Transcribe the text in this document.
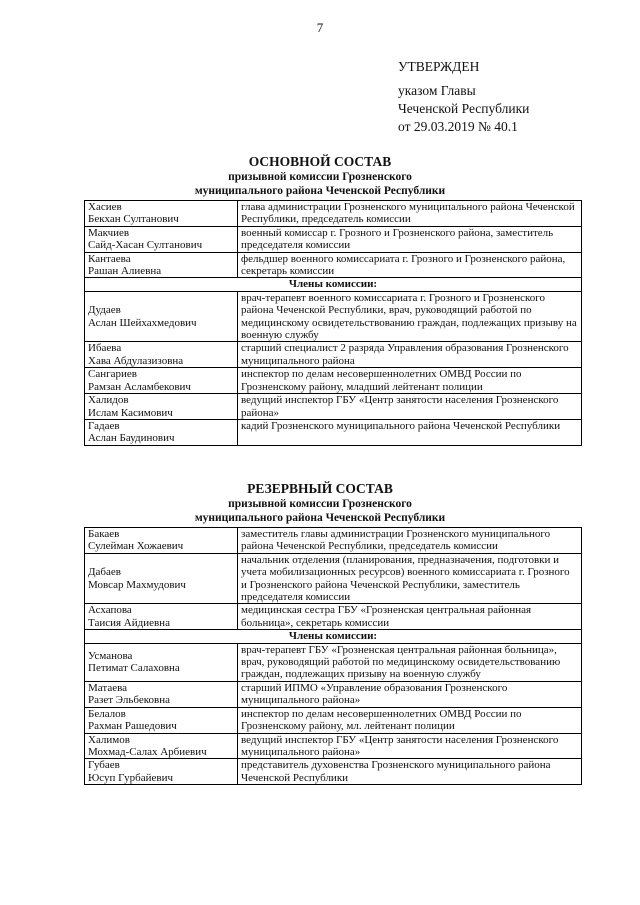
7
УТВЕРЖДЕН
указом Главы
Чеченской Республики
от 29.03.2019 № 40.1
ОСНОВНОЙ СОСТАВ
призывной комиссии Грозненского
муниципального района Чеченской Республики
Хасиев
Бекхан Султанович	глава администрации Грозненского муниципального района Чеченской Республики, председатель комиссии
Макчиев
Сайд-Хасан Султанович	военный комиссар г. Грозного и Грозненского района, заместитель председателя комиссии
Кантаева
Рашан Алиевна	фельдшер военного комиссариата г. Грозного и Грозненского района, секретарь комиссии
Члены комиссии:	
Дудаев
Аслан Шейхахмедович	врач-терапевт военного комиссариата г. Грозного и Грозненского района Чеченской Республики, врач, руководящий работой по медицинскому освидетельствованию граждан, подлежащих призыву на военную службу
Ибаева
Хава Абдулазизовна	старший специалист 2 разряда Управления образования Грозненского муниципального района
Сангариев
Рамзан Асламбекович	инспектор по делам несовершеннолетних ОМВД России по Грозненскому району, младший лейтенант полиции
Халидов
Ислам Касимович	ведущий инспектор ГБУ «Центр занятости населения Грозненского района»
Гадаев
Аслан Баудинович	кадий Грозненского муниципального района Чеченской Республики
РЕЗЕРВНЫЙ СОСТАВ
призывной комиссии Грозненского
муниципального района Чеченской Республики
Бакаев
Сулейман Хожаевич	заместитель главы администрации Грозненского муниципального района Чеченской Республики, председатель комиссии
Дабаев
Мовсар Махмудович	начальник отделения (планирования, предназначения, подготовки и учета мобилизационных ресурсов) военного комиссариата г. Грозного и Грозненского района Чеченской Республики, заместитель председателя комиссии
Асхапова
Таисия Айдиевна	медицинская сестра ГБУ «Грозненская центральная районная больница», секретарь комиссии
Члены комиссии:	
Усманова
Петимат Салаховна	врач-терапевт ГБУ «Грозненская центральная районная больница», врач, руководящий работой по медицинскому освидетельствованию граждан, подлежащих призыву на военную службу
Матаева
Разет Эльбековна	старший ИПМО «Управление образования Грозненского муниципального района»
Белалов
Рахман Рашедович	инспектор по делам несовершеннолетних ОМВД России по Грозненскому району, мл. лейтенант полиции
Халимов
Мохмад-Салах Арбиевич	ведущий инспектор ГБУ «Центр занятости населения Грозненского муниципального района»
Губаев
Юсуп Гурбайевич	представитель духовенства Грозненского муниципального района Чеченской Республики
